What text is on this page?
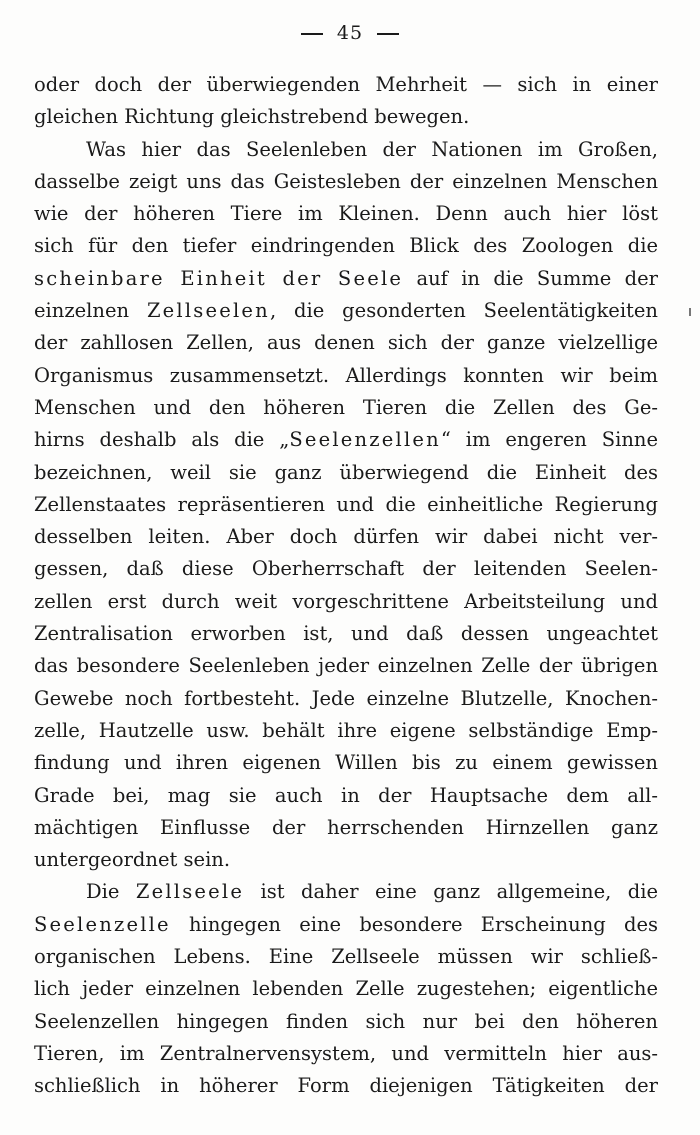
45
oder doch der überwiegenden Mehrheit — sich in einer
gleichen Richtung gleichstrebend bewegen.
Was hier das Seelenleben der Nationen im Großen,
dasselbe zeigt uns das Geistesleben der einzelnen Menschen
wie der höheren Tiere im Kleinen. Denn auch hier löst
sich für den tiefer eindringenden Blick des Zoologen die
scheinbare Einheit der Seele auf in die Summe der
einzelnen Zellseelen, die gesonderten Seelentätigkeiten
der zahllosen Zellen, aus denen sich der ganze vielzellige
Organismus zusammensetzt. Allerdings konnten wir beim
Menschen und den höheren Tieren die Zellen des Ge-
hirns deshalb als die „Seelenzellen“ im engeren Sinne
bezeichnen, weil sie ganz überwiegend die Einheit des
Zellenstaates repräsentieren und die einheitliche Regierung
desselben leiten. Aber doch dürfen wir dabei nicht ver-
gessen, daß diese Oberherrschaft der leitenden Seelen-
zellen erst durch weit vorgeschrittene Arbeitsteilung und
Zentralisation erworben ist, und daß dessen ungeachtet
das besondere Seelenleben jeder einzelnen Zelle der übrigen
Gewebe noch fortbesteht. Jede einzelne Blutzelle, Knochen-
zelle, Hautzelle usw. behält ihre eigene selbständige Emp-
findung und ihren eigenen Willen bis zu einem gewissen
Grade bei, mag sie auch in der Hauptsache dem all-
mächtigen Einflusse der herrschenden Hirnzellen ganz
untergeordnet sein.
Die Zellseele ist daher eine ganz allgemeine, die
Seelenzelle hingegen eine besondere Erscheinung des
organischen Lebens. Eine Zellseele müssen wir schließ-
lich jeder einzelnen lebenden Zelle zugestehen; eigentliche
Seelenzellen hingegen finden sich nur bei den höheren
Tieren, im Zentralnervensystem, und vermitteln hier aus-
schließlich in höherer Form diejenigen Tätigkeiten der
